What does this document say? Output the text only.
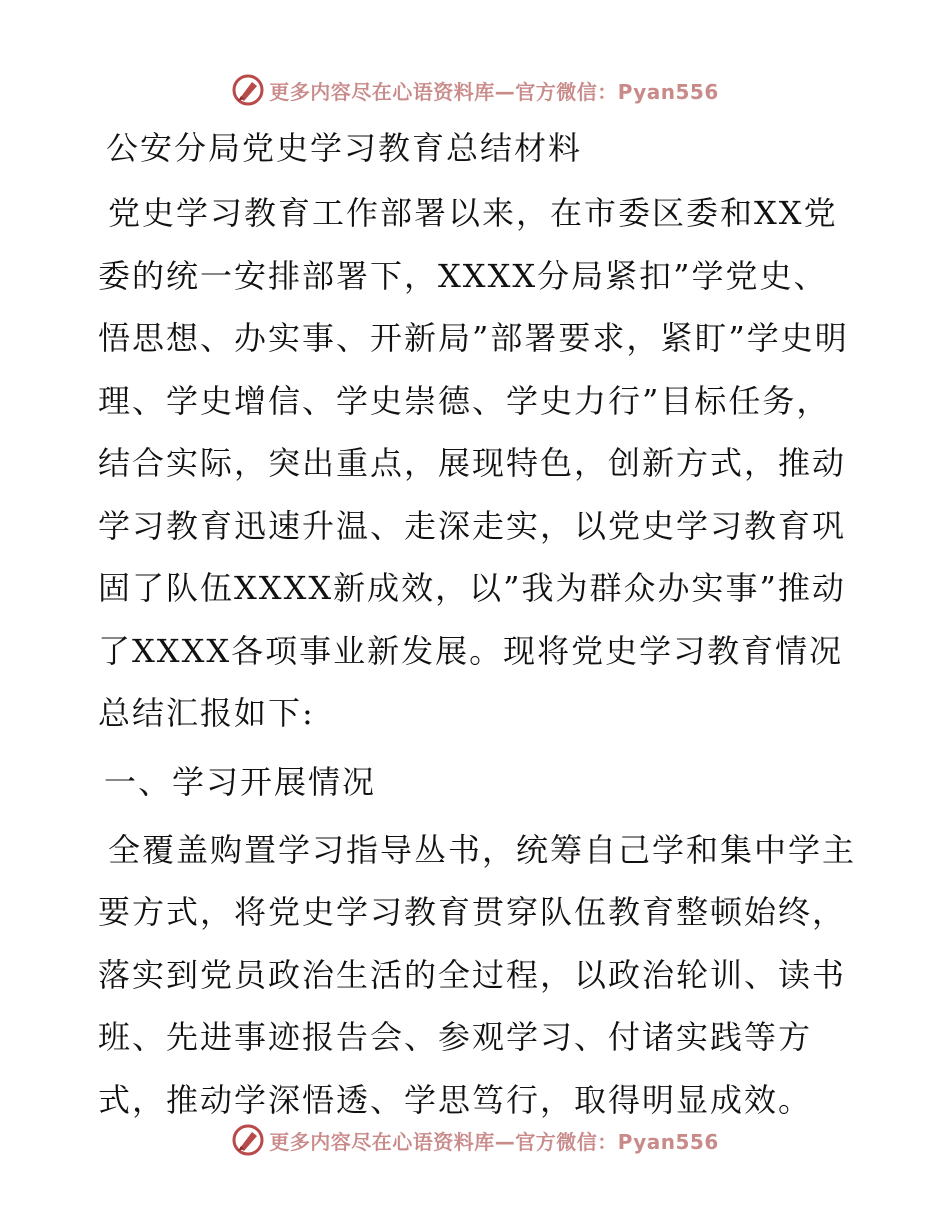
更多内容尽在心语资料库—官方微信：Pyan556
公安分局党史学习教育总结材料

党史学习教育工作部署以来，在市委区委和XX党委的统一安排部署下，XXXX分局紧扣”学党史、悟思想、办实事、开新局”部署要求，紧盯”学史明理、学史增信、学史崇德、学史力行”目标任务，结合实际，突出重点，展现特色，创新方式，推动学习教育迅速升温、走深走实，以党史学习教育巩固了队伍XXXX新成效，以”我为群众办实事”推动了XXXX各项事业新发展。现将党史学习教育情况总结汇报如下:

一、学习开展情况

全覆盖购置学习指导丛书，统筹自己学和集中学主要方式，将党史学习教育贯穿队伍教育整顿始终，落实到党员政治生活的全过程，以政治轮训、读书班、先进事迹报告会、参观学习、付诸实践等方式，推动学深悟透、学思笃行，取得明显成效。

更多内容尽在心语资料库—官方微信：Pyan556
